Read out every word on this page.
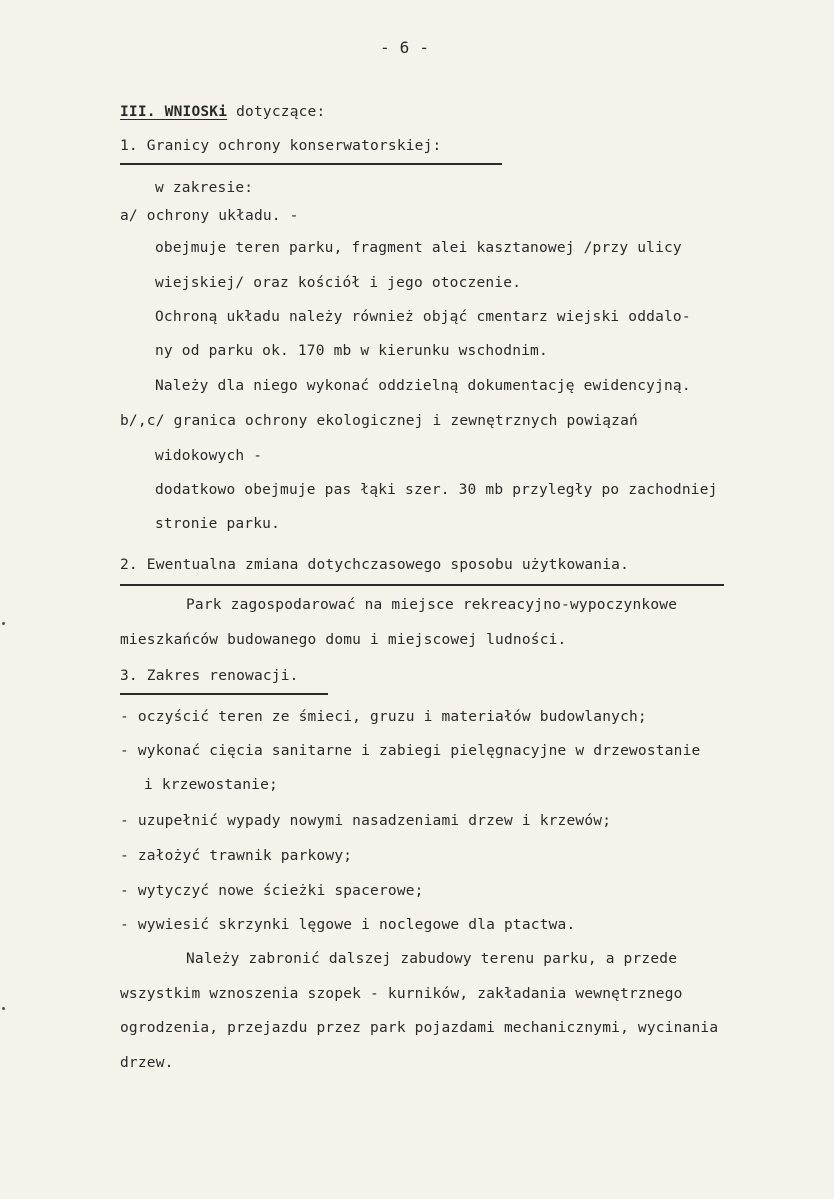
- 6 -
III. WNIOSKi dotyczące:
1. Granicy ochrony konserwatorskiej:
w zakresie:
a/ ochrony układu. -
obejmuje teren parku, fragment alei kasztanowej /przy ulicy
wiejskiej/ oraz kościół i jego otoczenie.
Ochroną układu należy również objąć cmentarz wiejski oddalo-
ny od parku ok. 170 mb w kierunku wschodnim.
Należy dla niego wykonać oddzielną dokumentację ewidencyjną.
b/,c/ granica ochrony ekologicznej i zewnętrznych powiązań
widokowych -
dodatkowo obejmuje pas łąki szer. 30 mb przyległy po zachodniej
stronie parku.
2. Ewentualna zmiana dotychczasowego sposobu użytkowania.
Park zagospodarować na miejsce rekreacyjno-wypoczynkowe
mieszkańców budowanego domu i miejscowej ludności.
3. Zakres renowacji.
- oczyścić teren ze śmieci, gruzu i materiałów budowlanych;
- wykonać cięcia sanitarne i zabiegi pielęgnacyjne w drzewostanie
i krzewostanie;
- uzupełnić wypady nowymi nasadzeniami drzew i krzewów;
- założyć trawnik parkowy;
- wytyczyć nowe ścieżki spacerowe;
- wywiesić skrzynki lęgowe i noclegowe dla ptactwa.
Należy zabronić dalszej zabudowy terenu parku, a przede
wszystkim wznoszenia szopek - kurników, zakładania wewnętrznego
ogrodzenia, przejazdu przez park pojazdami mechanicznymi, wycinania
drzew.
